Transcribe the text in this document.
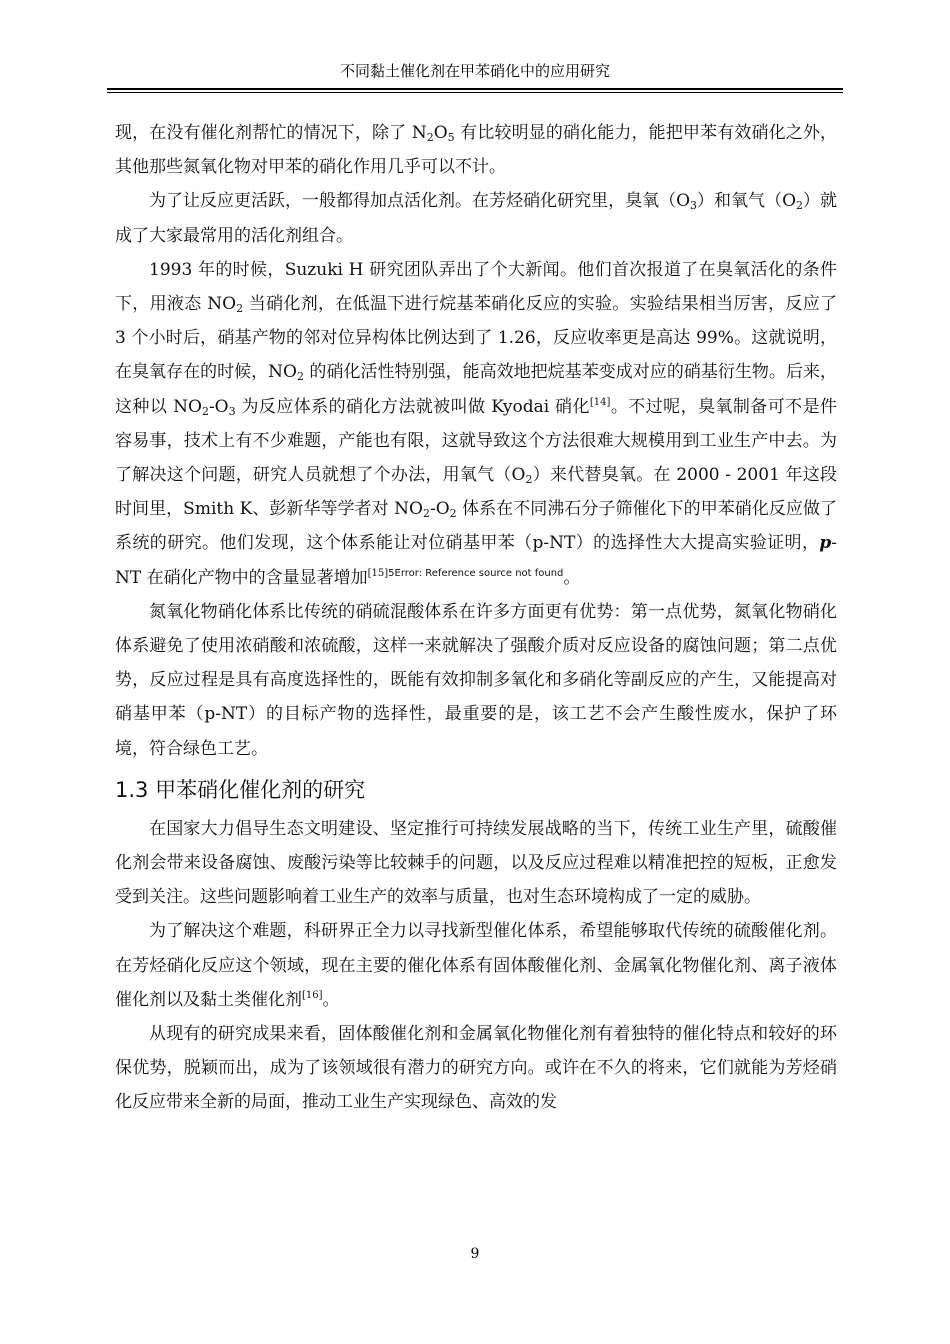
不同黏土催化剂在甲苯硝化中的应用研究

现，在没有催化剂帮忙的情况下，除了 $N_2O_5$ 有比较明显的硝化能力，能把甲苯有效硝化之外，其他那些氮氧化物对甲苯的硝化作用几乎可以不计。

为了让反应更活跃，一般都得加点活化剂。在芳烃硝化研究里，臭氧$(O_3)$和氧气$(O_2)$就成了大家最常用的活化剂组合。

1993 年的时候，Suzuki H 研究团队弄出了个大新闻。他们首次报道了在臭氧活化的条件下，用液态 $NO_2$ 当硝化剂，在低温下进行烷基苯硝化反应的实验。实验结果相当厉害，反应了 3 个小时后，硝基产物的邻对位异构体比例达到了 1.26，反应收率更是高达 99%。这就说明，在臭氧存在的时候，$NO_2$ 的硝化活性特别强，能高效地把烷基苯变成对应的硝基衍生物。后来，这种以 $NO_2-O_3$ 为反应体系的硝化方法就被叫做 Kyodai 硝化[14]。不过呢，臭氧制备可不是件容易事，技术上有不少难题，产能也有限，这就导致这个方法很难大规模用到工业生产中去。为了解决这个问题，研究人员就想了个办法，用氧气$(O_2)$来代替臭氧。在 2000 - 2001 年这段时间里，Smith K、彭新华等学者对 $NO_2-O_2$ 体系在不同沸石分子筛催化下的甲苯硝化反应做了系统的研究。他们发现，这个体系能让对位硝基甲苯（p-NT）的选择性大大提高实验证明，p-NT 在硝化产物中的含量显著增加$^{[15]5Error: Reference source not found}$。

氮氧化物硝化体系比传统的硝硫混酸体系在许多方面更有优势：第一点优势，氮氧化物硝化体系避免了使用浓硝酸和浓硫酸，这样一来就解决了强酸介质对反应设备的腐蚀问题；第二点优势，反应过程是具有高度选择性的，既能有效抑制多氧化和多硝化等副反应的产生，又能提高对硝基甲苯（p-NT）的目标产物的选择性，最重要的是，该工艺不会产生酸性废水，保护了环境，符合绿色工艺。

1.3 甲苯硝化催化剂的研究

在国家大力倡导生态文明建设、坚定推行可持续发展战略的当下，传统工业生产里，硫酸催化剂会带来设备腐蚀、废酸污染等比较棘手的问题，以及反应过程难以精准把控的短板，正愈发受到关注。这些问题影响着工业生产的效率与质量，也对生态环境构成了一定的威胁。

为了解决这个难题，科研界正全力以寻找新型催化体系，希望能够取代传统的硫酸催化剂。在芳烃硝化反应这个领域，现在主要的催化体系有固体酸催化剂、金属氧化物催化剂、离子液体催化剂以及黏土类催化剂[16]。

从现有的研究成果来看，固体酸催化剂和金属氧化物催化剂有着独特的催化特点和较好的环保优势，脱颖而出，成为了该领域很有潜力的研究方向。或许在不久的将来，它们就能为芳烃硝化反应带来全新的局面，推动工业生产实现绿色、高效的发

9
